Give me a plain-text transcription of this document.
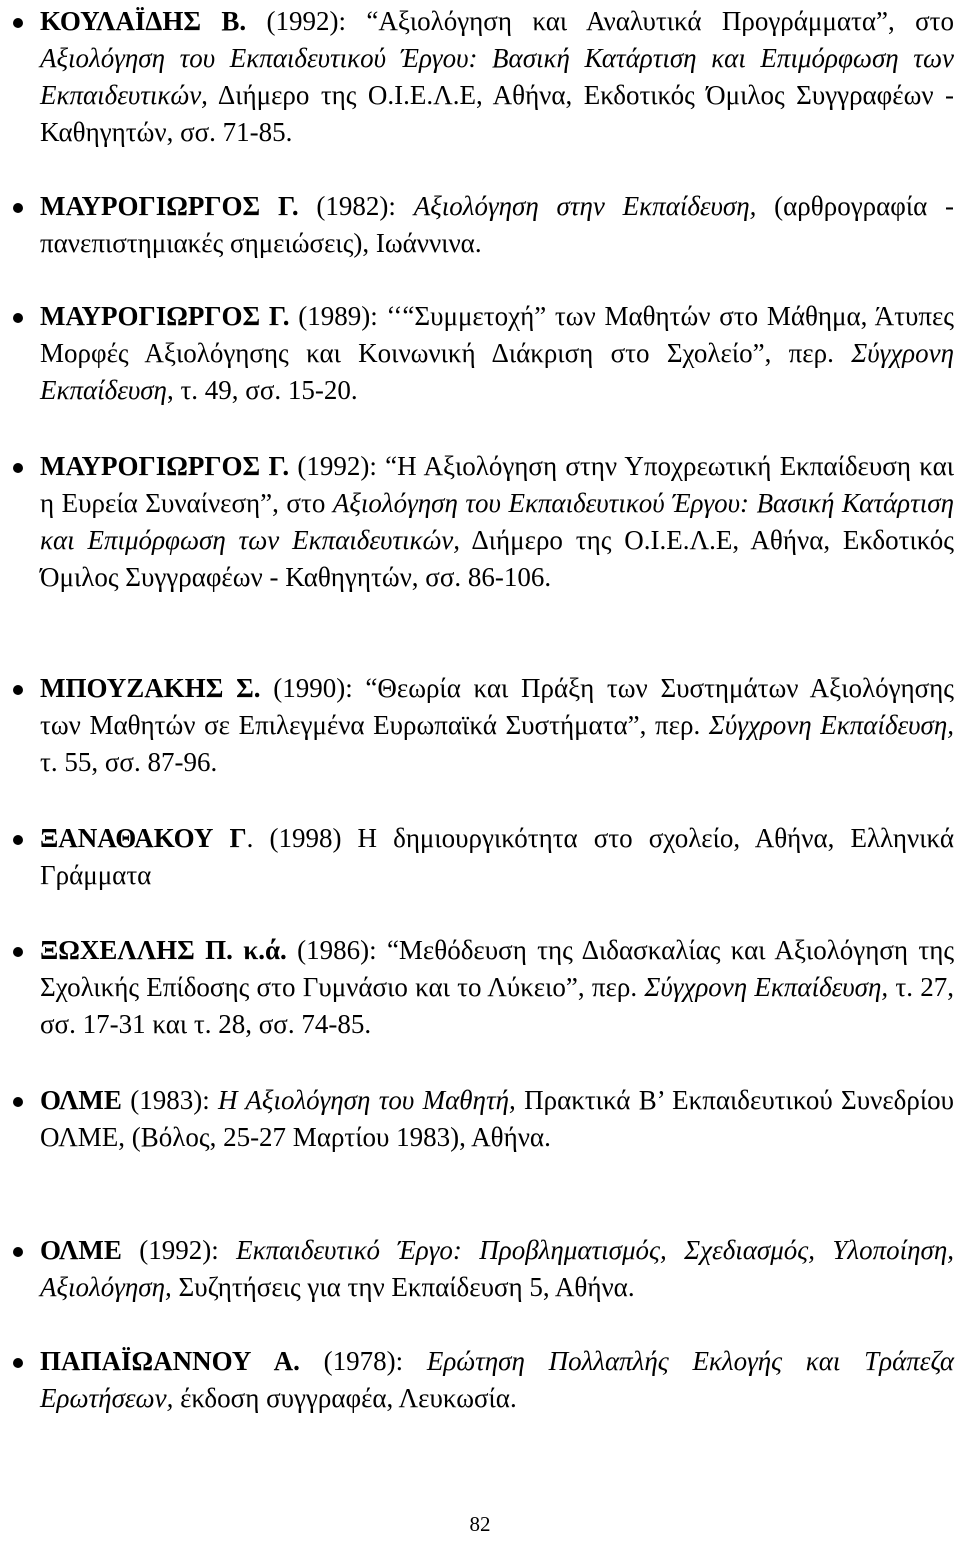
ΚΟΥΛΑΪΔΗΣ Β. (1992): “Αξιολόγηση και Αναλυτικά Προγράμματα”, στο Αξιολόγηση του Εκπαιδευτικού Έργου: Βασική Κατάρτιση και Επιμόρφωση των Εκπαιδευτικών, Διήμερο της Ο.Ι.Ε.Λ.Ε, Αθήνα, Εκδοτικός Όμιλος Συγγραφέων - Καθηγητών, σσ. 71-85.
ΜΑΥΡΟΓΙΩΡΓΟΣ Γ. (1982): Αξιολόγηση στην Εκπαίδευση, (αρθρογραφία - πανεπιστημιακές σημειώσεις), Ιωάννινα.
ΜΑΥΡΟΓΙΩΡΓΟΣ Γ. (1989): ‘‘“Συμμετοχή” των Μαθητών στο Μάθημα, Άτυπες Μορφές Αξιολόγησης και Κοινωνική Διάκριση στο Σχολείο”, περ. Σύγχρονη Εκπαίδευση, τ. 49, σσ. 15-20.
ΜΑΥΡΟΓΙΩΡΓΟΣ Γ. (1992): “Η Αξιολόγηση στην Υποχρεωτική Εκπαίδευση και η Ευρεία Συναίνεση”, στο Αξιολόγηση του Εκπαιδευτικού Έργου: Βασική Κατάρτιση και Επιμόρφωση των Εκπαιδευτικών, Διήμερο της Ο.Ι.Ε.Λ.Ε, Αθήνα, Εκδοτικός Όμιλος Συγγραφέων - Καθηγητών, σσ. 86-106.
ΜΠΟΥΖΑΚΗΣ Σ. (1990): “Θεωρία και Πράξη των Συστημάτων Αξιολόγησης των Μαθητών σε Επιλεγμένα Ευρωπαϊκά Συστήματα”, περ. Σύγχρονη Εκπαίδευση, τ. 55, σσ. 87-96.
ΞΑΝΑΘΑΚΟΥ Γ. (1998) Η δημιουργικότητα στο σχολείο, Αθήνα, Ελληνικά Γράμματα
ΞΩΧΕΛΛΗΣ Π. κ.ά. (1986): “Μεθόδευση της Διδασκαλίας και Αξιολόγηση της Σχολικής Επίδοσης στο Γυμνάσιο και το Λύκειο”, περ. Σύγχρονη Εκπαίδευση, τ. 27, σσ. 17-31 και τ. 28, σσ. 74-85.
ΟΛΜΕ (1983): Η Αξιολόγηση του Μαθητή, Πρακτικά Β’ Εκπαιδευτικού Συνεδρίου ΟΛΜΕ, (Βόλος, 25-27 Μαρτίου 1983), Αθήνα.
ΟΛΜΕ (1992): Εκπαιδευτικό Έργο: Προβληματισμός, Σχεδιασμός, Υλοποίηση, Αξιολόγηση, Συζητήσεις για την Εκπαίδευση 5, Αθήνα.
ΠΑΠΑΪΩΑΝΝΟΥ Α. (1978): Ερώτηση Πολλαπλής Εκλογής και Τράπεζα Ερωτήσεων, έκδοση συγγραφέα, Λευκωσία.
82
